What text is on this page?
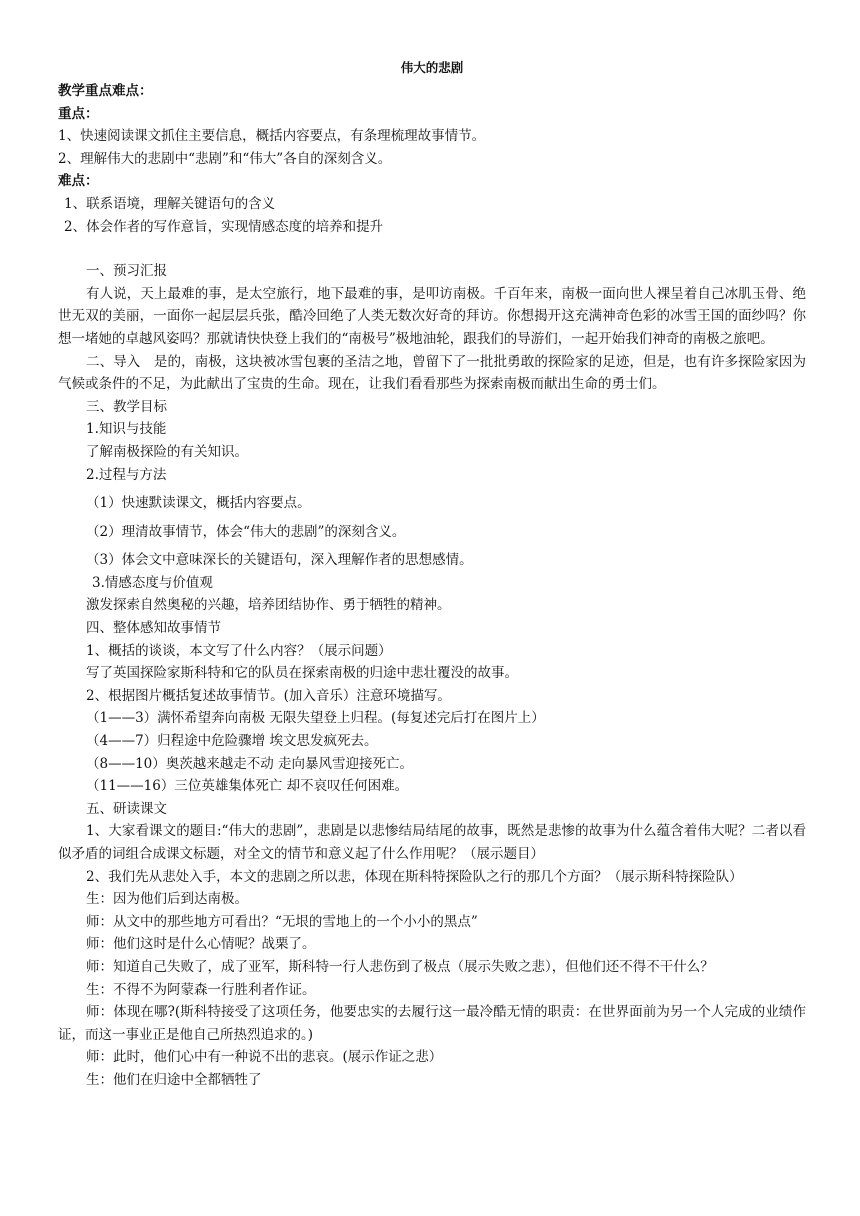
伟大的悲剧
教学重点难点：
重点：
1、快速阅读课文抓住主要信息，概括内容要点，有条理梳理故事情节。
2、理解伟大的悲剧中“悲剧”和“伟大”各自的深刻含义。
难点：
1、联系语境，理解关键语句的含义
2、体会作者的写作意旨，实现情感态度的培养和提升
一、预习汇报
有人说，天上最难的事，是太空旅行，地下最难的事，是叩访南极。千百年来，南极一面向世人裸呈着自己冰肌玉骨、绝世无双的美丽，一面你一起层层兵张，酷冷回绝了人类无数次好奇的拜访。你想揭开这充满神奇色彩的冰雪王国的面纱吗？你想一堵她的卓越风姿吗？那就请快快登上我们的“南极号”极地油轮，跟我们的导游们，一起开始我们神奇的南极之旅吧。
二、导入　是的，南极，这块被冰雪包裹的圣洁之地，曾留下了一批批勇敢的探险家的足迹，但是，也有许多探险家因为气候或条件的不足，为此献出了宝贵的生命。现在，让我们看看那些为探索南极而献出生命的勇士们。
三、教学目标
1.知识与技能
了解南极探险的有关知识。
2.过程与方法
（1）快速默读课文，概括内容要点。
（2）理清故事情节，体会“伟大的悲剧”的深刻含义。
（3）体会文中意味深长的关键语句，深入理解作者的思想感情。
3.情感态度与价值观
激发探索自然奥秘的兴趣，培养团结协作、勇于牺牲的精神。
四、整体感知故事情节
1、概括的谈谈，本文写了什么内容？（展示问题）
写了英国探险家斯科特和它的队员在探索南极的归途中悲壮覆没的故事。
2、根据图片概括复述故事情节。(加入音乐）注意环境描写。
（1——3）满怀希望奔向南极 无限失望登上归程。(每复述完后打在图片上）
（4——7）归程途中危险骤增 埃文思发疯死去。
（8——10）奥茨越来越走不动 走向暴风雪迎接死亡。
（11——16）三位英雄集体死亡 却不哀叹任何困难。
五、研读课文
1、大家看课文的题目:“伟大的悲剧”，悲剧是以悲惨结局结尾的故事，既然是悲惨的故事为什么蕴含着伟大呢？二者以看似矛盾的词组合成课文标题，对全文的情节和意义起了什么作用呢？（展示题目）
2、我们先从悲处入手，本文的悲剧之所以悲，体现在斯科特探险队之行的那几个方面？（展示斯科特探险队）
生：因为他们后到达南极。
师：从文中的那些地方可看出？“无垠的雪地上的一个小小的黑点”
师：他们这时是什么心情呢？战栗了。
师：知道自己失败了，成了亚军，斯科特一行人悲伤到了极点（展示失败之悲），但他们还不得不干什么？
生：不得不为阿蒙森一行胜利者作证。
师：体现在哪?(斯科特接受了这项任务，他要忠实的去履行这一最冷酷无情的职责：在世界面前为另一个人完成的业绩作证，而这一事业正是他自己所热烈追求的。)
师：此时，他们心中有一种说不出的悲哀。(展示作证之悲）
生：他们在归途中全都牺牲了
